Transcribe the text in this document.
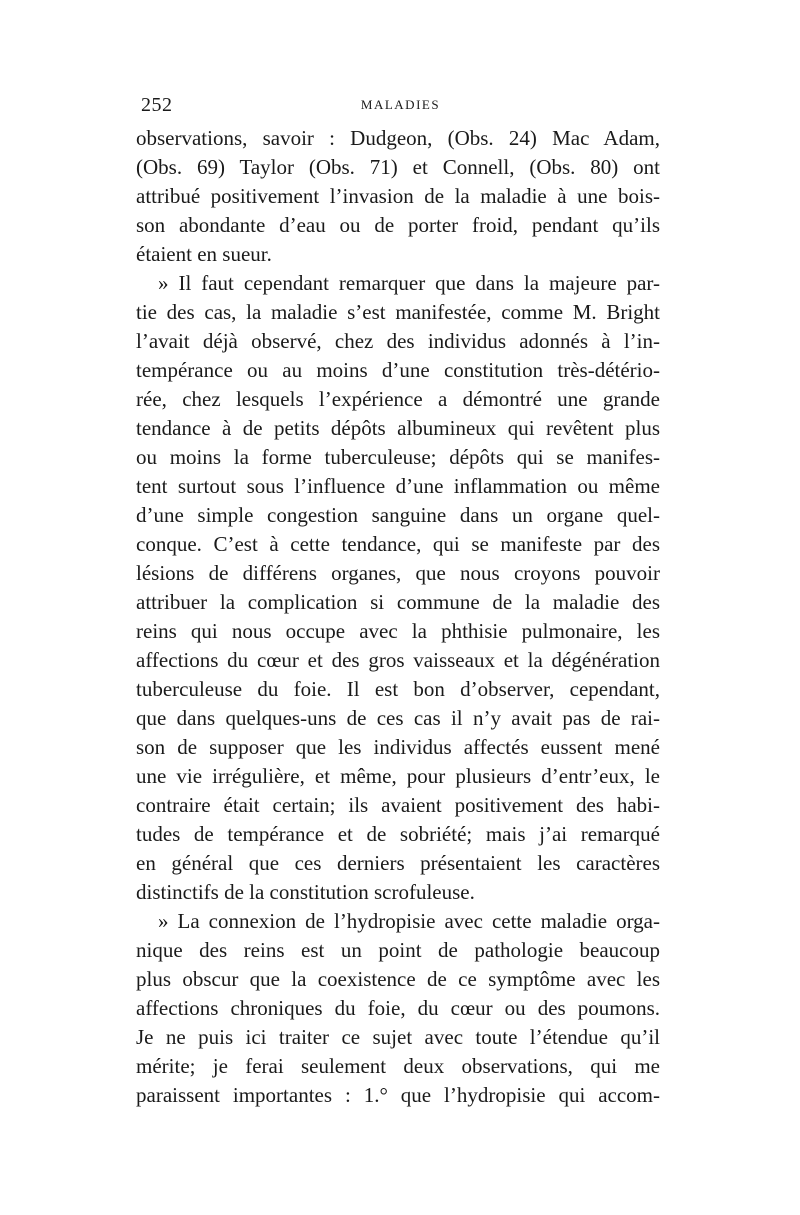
252	MALADIES
observations, savoir : Dudgeon, (Obs. 24) Mac Adam,
(Obs. 69) Taylor (Obs. 71) et Connell, (Obs. 80) ont
attribué positivement l’invasion de la maladie à une bois-
son abondante d’eau ou de porter froid, pendant qu’ils
étaient en sueur.
» Il faut cependant remarquer que dans la majeure par-
tie des cas, la maladie s’est manifestée, comme M. Bright
l’avait déjà observé, chez des individus adonnés à l’in-
tempérance ou au moins d’une constitution très-détério-
rée, chez lesquels l’expérience a démontré une grande
tendance à de petits dépôts albumineux qui revêtent plus
ou moins la forme tuberculeuse; dépôts qui se manifes-
tent surtout sous l’influence d’une inflammation ou même
d’une simple congestion sanguine dans un organe quel-
conque. C’est à cette tendance, qui se manifeste par des
lésions de différens organes, que nous croyons pouvoir
attribuer la complication si commune de la maladie des
reins qui nous occupe avec la phthisie pulmonaire, les
affections du cœur et des gros vaisseaux et la dégénération
tuberculeuse du foie. Il est bon d’observer, cependant,
que dans quelques-uns de ces cas il n’y avait pas de rai-
son de supposer que les individus affectés eussent mené
une vie irrégulière, et même, pour plusieurs d’entr’eux, le
contraire était certain; ils avaient positivement des habi-
tudes de tempérance et de sobriété; mais j’ai remarqué
en général que ces derniers présentaient les caractères
distinctifs de la constitution scrofuleuse.
» La connexion de l’hydropisie avec cette maladie orga-
nique des reins est un point de pathologie beaucoup
plus obscur que la coexistence de ce symptôme avec les
affections chroniques du foie, du cœur ou des poumons.
Je ne puis ici traiter ce sujet avec toute l’étendue qu’il
mérite; je ferai seulement deux observations, qui me
paraissent importantes : 1.° que l’hydropisie qui accom-
